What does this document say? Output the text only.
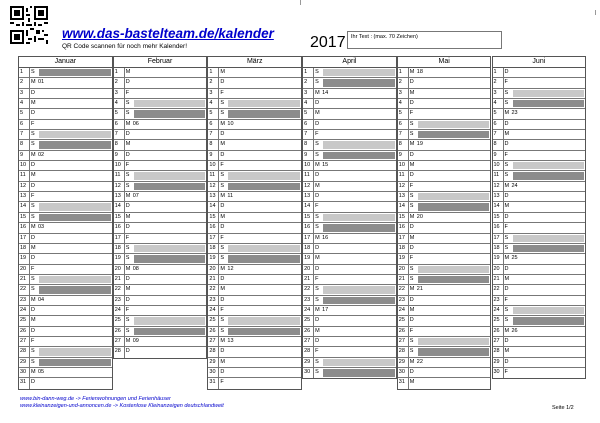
www.das-bastelteam.de/kalender
QR Code scannen für noch mehr Kalender!	2017 Ihr Text : (max. 70 Zeichen)
Januar
1	S
2	M 01
3	D
4	M
5	D
6	F
7	S
8	S
9	M 02
10 D
11 M
12 D
13 F
14 S
15 S
16 M 03
17 D
18 M
19 D
20 F
21 S
22 S
23 M 04
24 D
25 M
26 D
27 F
28 S
29 S
30 M 05
31 D
Februar
1	M
2	D
3	F
4	S
5	S
6	M 06
7	D
8	M
9	D
10 F
11 S
12 S
13 M 07
14 D
15 M
16 D
17 F
18 S
19 S
20 M 08
21 D
22 M
23 D
24 F
25 S
26 S
27 M 09
28 D
März
1	M
2	D
3	F
4	S
5	S
6	M 10
7	D
8	M
9	D
10 F
11 S
12 S
13 M 11
14 D
15 M
16 D
17 F
18 S
19 S
20 M 12
21 D
22 M
23 D
24 F
25 S
26 S
27 M 13
28 D
29 M
30 D
31 F
April
1	S
2	S
3	M 14
4	D
5	M
6	D
7	F
8	S
9	S
10 M 15
11 D
12 M
13 D
14 F
15 S
16 S
17 M 16
18 D
19 M
20 D
21 F
22 S
23 S
24 M 17
25 D
26 M
27 D
28 F
29 S
30 S
Mai
1	M 18
2	D
3	M
4	D
5	F
6	S
7	S
8	M 19
9	D
10 M
11 D
12 F
13 S
14 S
15 M 20
16 D
17 M
18 D
19 F
20 S
21 S
22 M 21
23 D
24 M
25 D
26 F
27 S
28 S
29 M 22
30 D
31 M
Juni
1	D
2	F
3	S
4	S
5	M 23
6	D
7	M
8	D
9	F
10 S
11 S
12 M 24
13 D
14 M
15 D
16 F
17 S
18 S
19 M 25
20 D
21 M
22 D
23 F
24 S
25 S
26 M 26
27 D
28 M
29 D
30 F
www.bin-dann-weg.de -> Ferienwohnungen und Ferienhäuser
www.kleinanzeigen-und-annoncen.de -> Kostenlose Kleinanzeigen deutschlandweit	Seite 1/2
